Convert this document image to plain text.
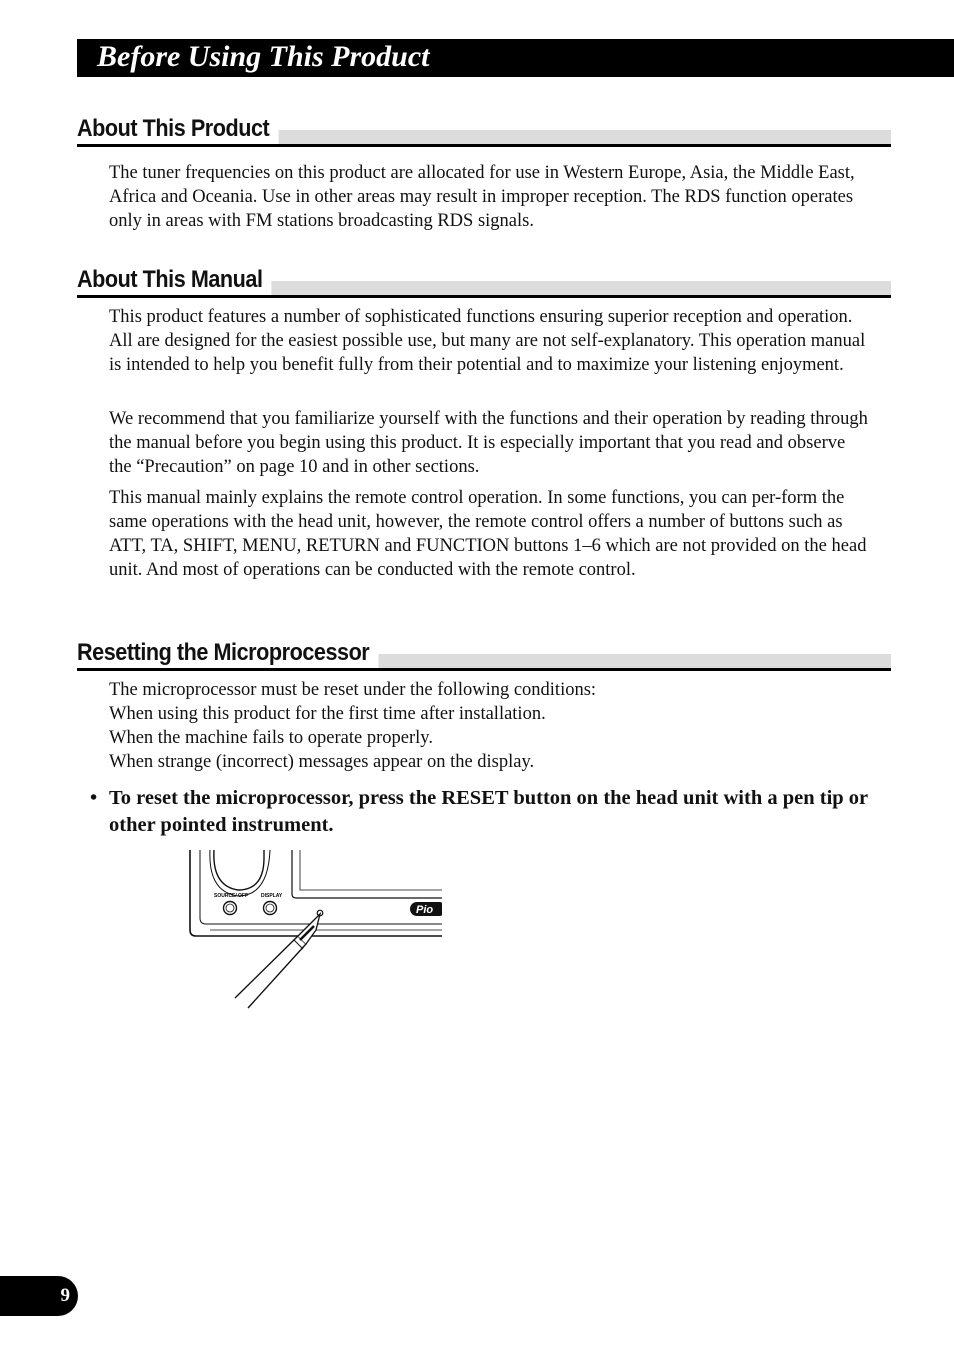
Before Using This Product
About This Product

The tuner frequencies on this product are allocated for use in Western Europe, Asia, the Middle East, Africa and Oceania. Use in other areas may result in improper reception. The RDS function operates only in areas with FM stations broadcasting RDS signals.

About This Manual

This product features a number of sophisticated functions ensuring superior reception and operation. All are designed for the easiest possible use, but many are not self-explanatory. This operation manual is intended to help you benefit fully from their potential and to maximize your listening enjoyment.

We recommend that you familiarize yourself with the functions and their operation by reading through the manual before you begin using this product. It is especially important that you read and observe the “Precaution” on page 10 and in other sections.

This manual mainly explains the remote control operation. In some functions, you can per-form the same operations with the head unit, however, the remote control offers a number of buttons such as ATT, TA, SHIFT, MENU, RETURN and FUNCTION buttons 1–6 which are not provided on the head unit. And most of operations can be conducted with the remote control.

Resetting the Microprocessor

The microprocessor must be reset under the following conditions:

When using this product for the first time after installation.

When the machine fails to operate properly.

When strange (incorrect) messages appear on the display.

• To reset the microprocessor, press the RESET button on the head unit with a pen tip or other pointed instrument.
SOURCE/ OFF	DISPLAY
Pio
9
